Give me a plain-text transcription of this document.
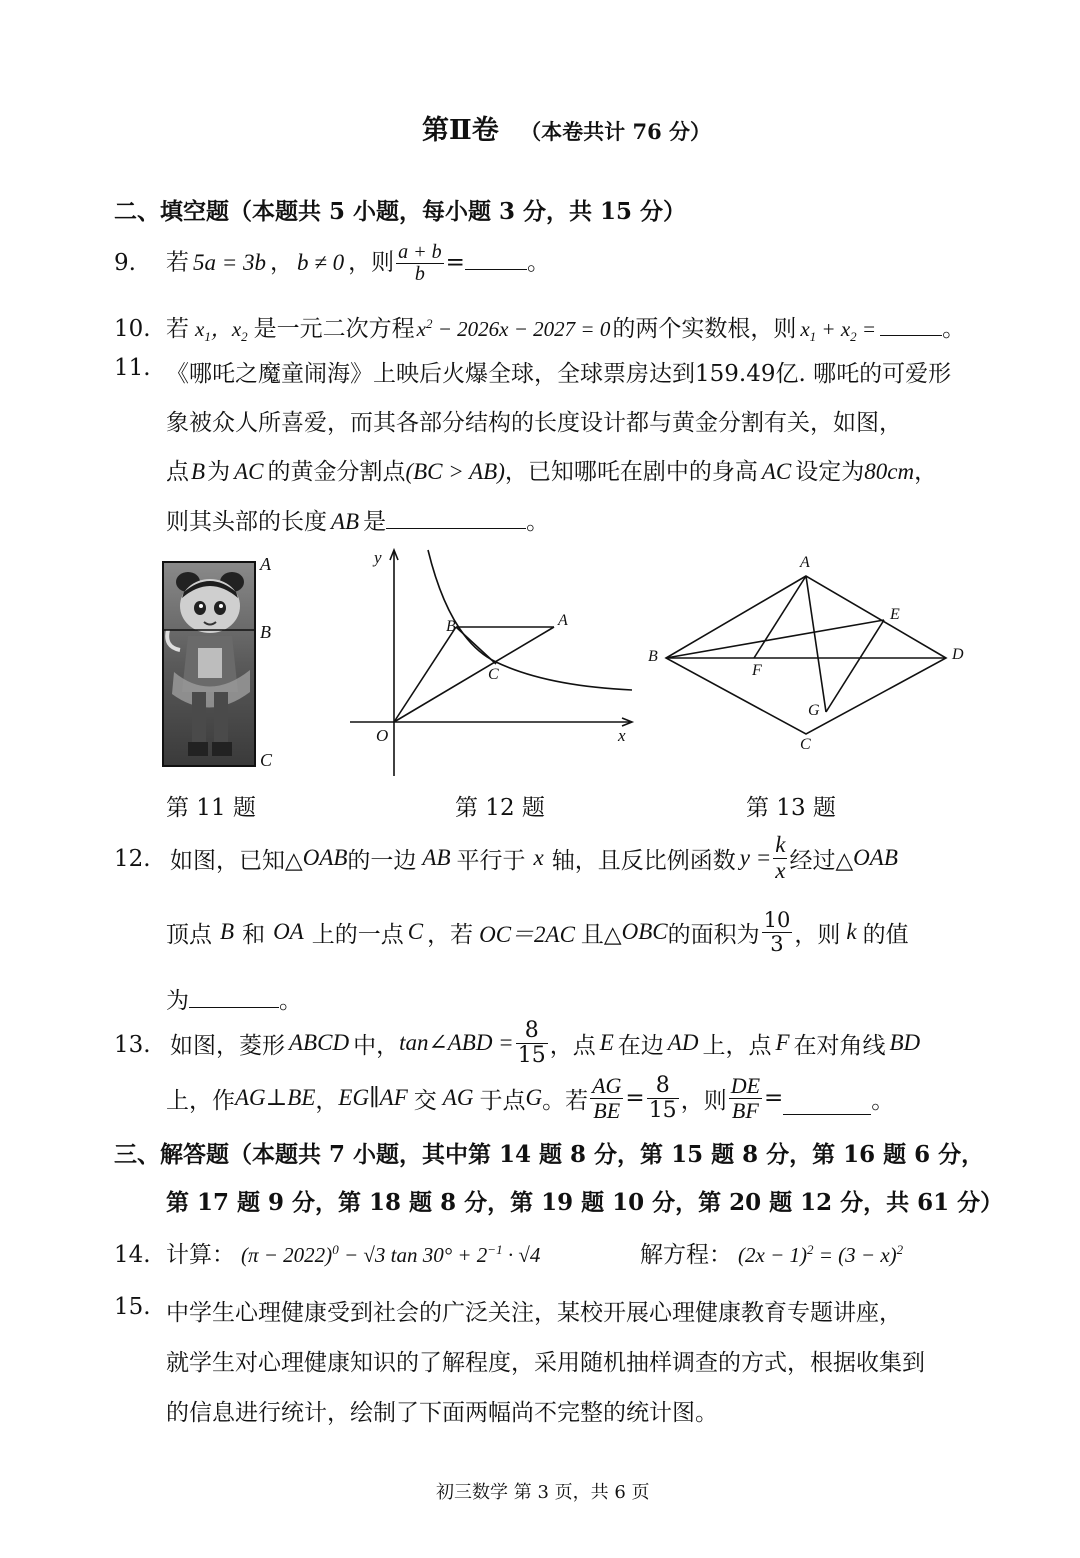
第Ⅱ卷 （本卷共计 76 分）
二、填空题（本题共 5 小题，每小题 3 分，共 15 分）
9. 若 5a = 3b ， b ≠ 0 ，则 $\frac{a + b}{b}$ =	。
10. 若 $x_1$，$x_2$ 是一元二次方程$x^2 - 2026x - 2027 = 0$的两个实数根，则 $x_1 + x_2$ =	。
11. 《哪吒之魔童闹海》上映后火爆全球，全球票房达到159.49亿. 哪吒的可爱形
象被众人所喜爱，而其各部分结构的长度设计都与黄金分割有关，如图，
点B为 AC 的黄金分割点(BC > AB)，已知哪吒在剧中的身高 AC 设定为80cm，
则其头部的长度 AB 是	。
A
B
C
第 11 题
y
x
O
A
B
C
第 12 题
A
B
C
D
E
F
G
第 13 题
12. 如图，已知△ OAB 的一边 AB 平行于 x 轴，且反比例函数 $y = \frac{k}{x}$ 经过△ OAB
顶点 B 和 OA 上的一点 C ，若 OC＝2AC 且△ OBC 的面积为 $\frac{10}{3}$ ，则 k 的值
为	。
13. 如图，菱形 ABCD 中， tan∠ABD = $\frac{8}{15}$ ，点 E 在边 AD 上，点 F 在对角线 BD
上，作 AG⊥BE ， EG∥AF 交 AG 于点 G 。若 $\frac{AG}{BE} = \frac{8}{15}$ ，则 $\frac{DE}{BF}$ =	。
三、解答题（本题共 7 小题，其中第 14 题 8 分，第 15 题 8 分，第 16 题 6 分，
第 17 题 9 分，第 18 题 8 分，第 19 题 10 分，第 20 题 12 分，共 61 分）
14. 计算： $(\pi - 2022)^0 - √3$ $\tan 30^\circ + 2^{-1} \cdot √4$	解方程： $(2x - 1)^2 = (3 - x)^2$
15. 中学生心理健康受到社会的广泛关注，某校开展心理健康教育专题讲座，
就学生对心理健康知识的了解程度，采用随机抽样调查的方式，根据收集到
的信息进行统计，绘制了下面两幅尚不完整的统计图。
初三数学 第 3 页，共 6 页
